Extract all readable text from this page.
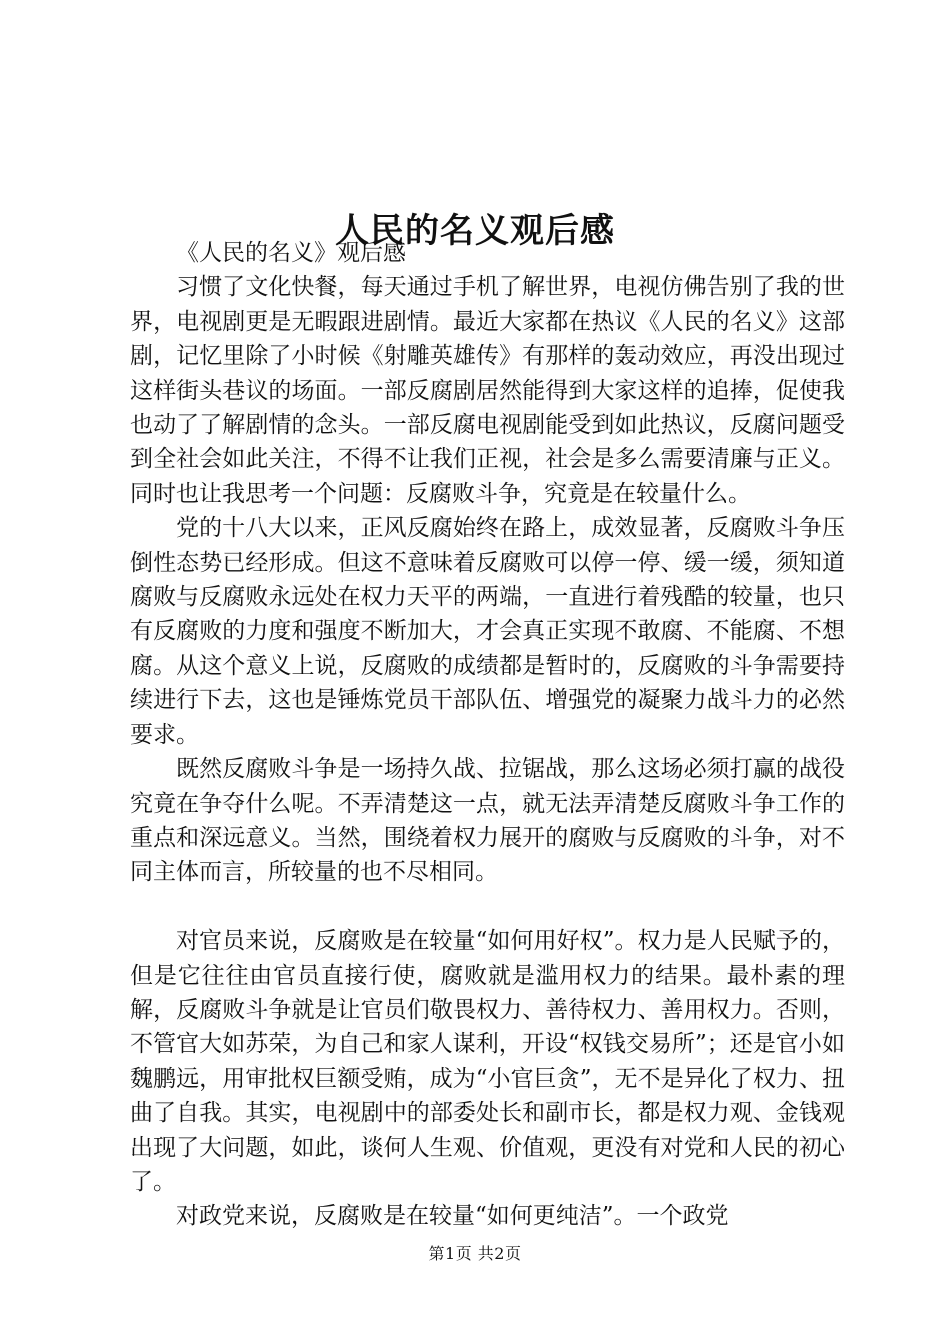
人民的名义观后感

《人民的名义》观后感

习惯了文化快餐，每天通过手机了解世界，电视仿佛告别了我的世界，电视剧更是无暇跟进剧情。最近大家都在热议《人民的名义》这部剧，记忆里除了小时候《射雕英雄传》有那样的轰动效应，再没出现过这样街头巷议的场面。一部反腐剧居然能得到大家这样的追捧，促使我也动了了解剧情的念头。一部反腐电视剧能受到如此热议，反腐问题受到全社会如此关注，不得不让我们正视，社会是多么需要清廉与正义。同时也让我思考一个问题：反腐败斗争，究竟是在较量什么。

党的十八大以来，正风反腐始终在路上，成效显著，反腐败斗争压倒性态势已经形成。但这不意味着反腐败可以停一停、缓一缓，须知道腐败与反腐败永远处在权力天平的两端，一直进行着残酷的较量，也只有反腐败的力度和强度不断加大，才会真正实现不敢腐、不能腐、不想腐。从这个意义上说，反腐败的成绩都是暂时的，反腐败的斗争需要持续进行下去，这也是锤炼党员干部队伍、增强党的凝聚力战斗力的必然要求。

既然反腐败斗争是一场持久战、拉锯战，那么这场必须打赢的战役究竟在争夺什么呢。不弄清楚这一点，就无法弄清楚反腐败斗争工作的重点和深远意义。当然，围绕着权力展开的腐败与反腐败的斗争，对不同主体而言，所较量的也不尽相同。

对官员来说，反腐败是在较量“如何用好权”。权力是人民赋予的，但是它往往由官员直接行使，腐败就是滥用权力的结果。最朴素的理解，反腐败斗争就是让官员们敬畏权力、善待权力、善用权力。否则，不管官大如苏荣，为自己和家人谋利，开设“权钱交易所”；还是官小如魏鹏远，用审批权巨额受贿，成为“小官巨贪”，无不是异化了权力、扭曲了自我。其实，电视剧中的部委处长和副市长，都是权力观、金钱观出现了大问题，如此，谈何人生观、价值观，更没有对党和人民的初心了。

对政党来说，反腐败是在较量“如何更纯洁”。一个政党

第1页 共2页
